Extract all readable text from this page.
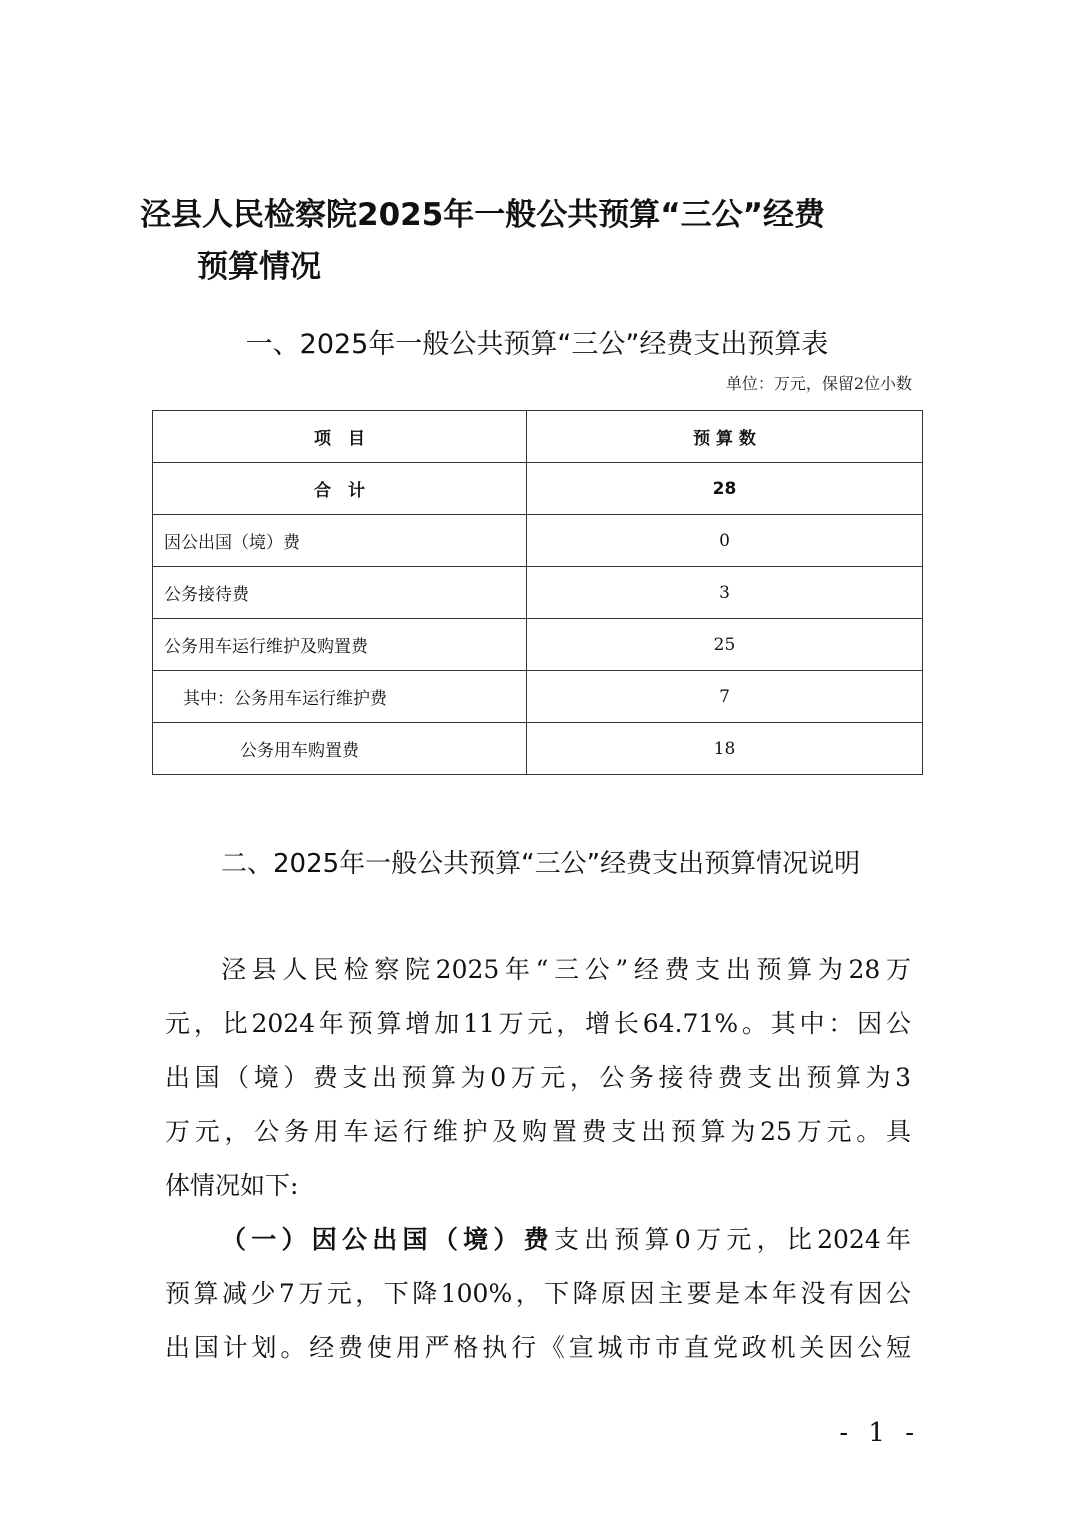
泾县人民检察院2025年一般公共预算“三公”经费
预算情况
一、2025年一般公共预算“三公”经费支出预算表
单位：万元，保留2位小数
项　目	预 算 数
合　计	28
因公出国（境）费	0
公务接待费	3
公务用车运行维护及购置费	25
其中：公务用车运行维护费	7
公务用车购置费	18
二、2025年一般公共预算“三公”经费支出预算情况说明
泾县人民检察院2025年“三公”经费支出预算为28万
元，比2024年预算增加11万元，增长64.71%。其中：因公
出国（境）费支出预算为0万元，公务接待费支出预算为3
万元，公务用车运行维护及购置费支出预算为25万元。具
体情况如下:
（一）因公出国（境）费支出预算0万元，比2024年
预算减少7万元，下降100%，下降原因主要是本年没有因公
出国计划。经费使用严格执行《宣城市市直党政机关因公短
- 1 -
